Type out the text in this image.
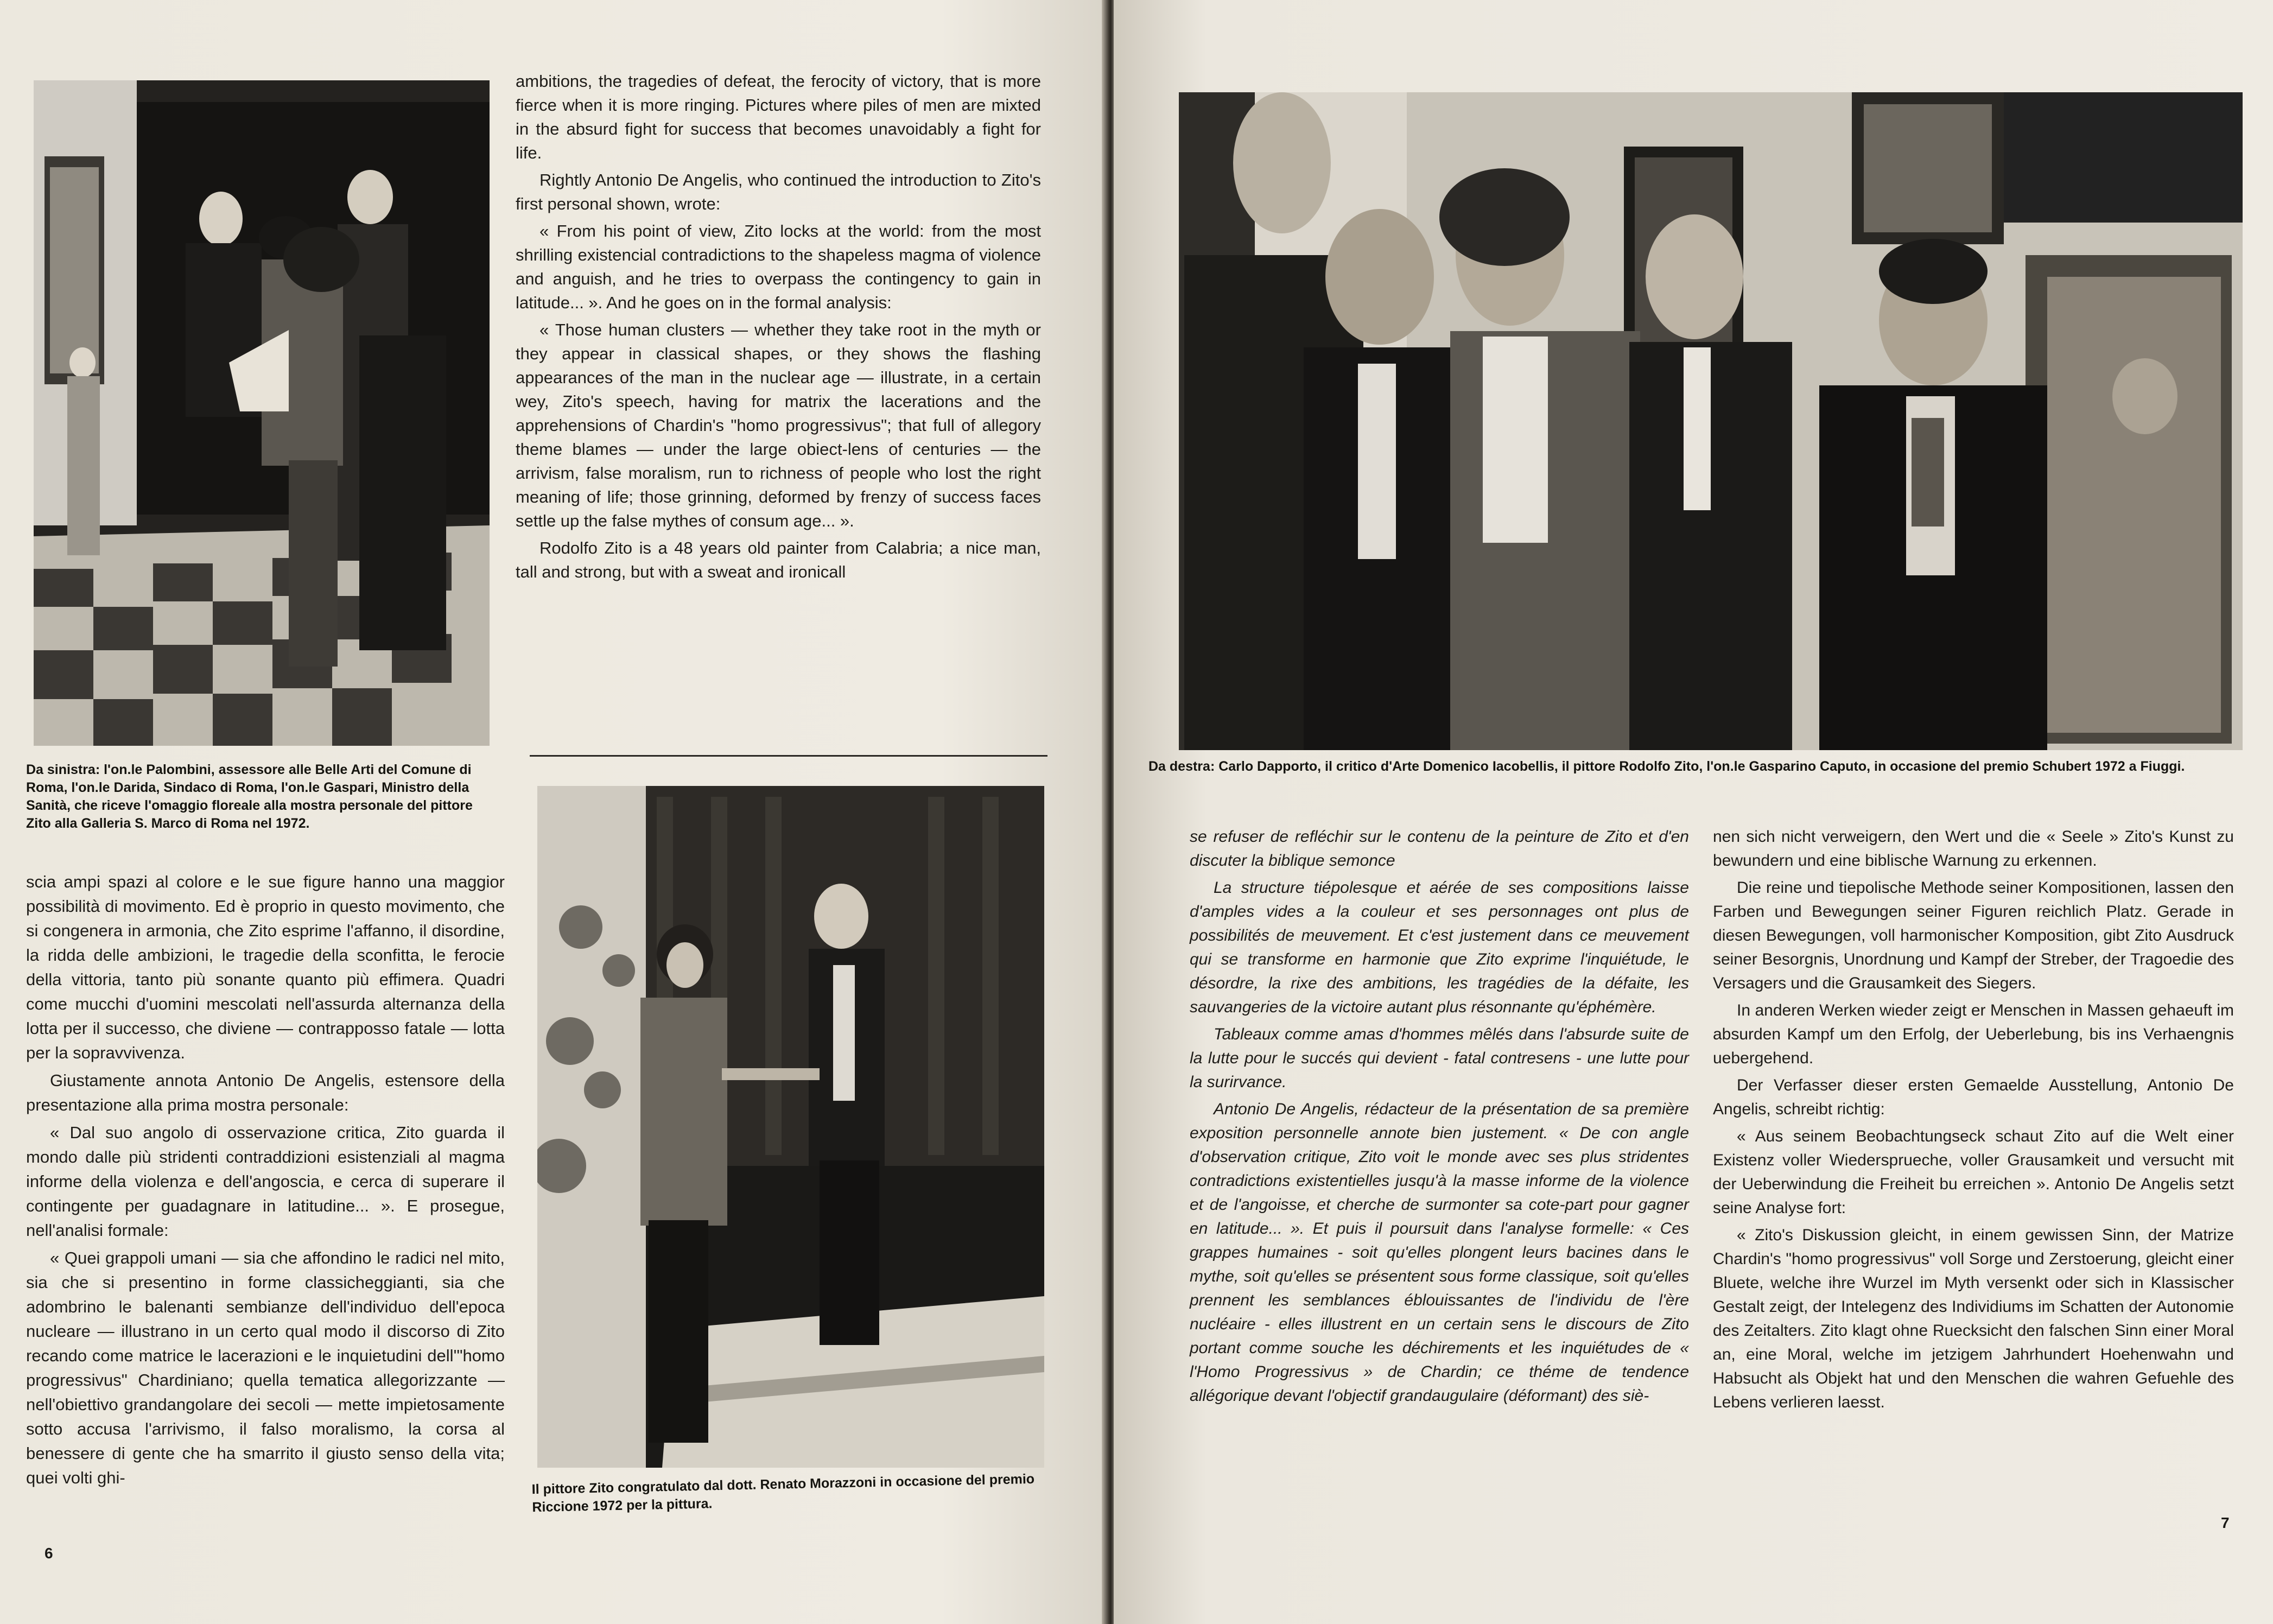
Da sinistra: l'on.le Palombini, assessore alle Belle Arti del Comune di Roma, l'on.le Darida, Sindaco di Roma, l'on.le Gaspari, Ministro della Sanità, che riceve l'omaggio floreale alla mostra personale del pittore Zito alla Galleria S. Marco di Roma nel 1972.

ambitions, the tragedies of defeat, the ferocity of victory, that is more fierce when it is more ringing. Pictures where piles of men are mixted in the absurd fight for success that becomes unavoidably a fight for life.

Rightly Antonio De Angelis, who continued the introduction to Zito's first personal shown, wrote:

« From his point of view, Zito locks at the world: from the most shrilling existencial contradictions to the shapeless magma of violence and anguish, and he tries to overpass the contingency to gain in latitude... ». And he goes on in the formal analysis:

« Those human clusters — whether they take root in the myth or they appear in classical shapes, or they shows the flashing appearances of the man in the nuclear age — illustrate, in a certain wey, Zito's speech, having for matrix the lacerations and the apprehensions of Chardin's "homo progressivus"; that full of allegory theme blames — under the large obiect-lens of centuries — the arrivism, false moralism, run to richness of people who lost the right meaning of life; those grinning, deformed by frenzy of success faces settle up the false mythes of consum age... ».

Rodolfo Zito is a 48 years old painter from Calabria; a nice man, tall and strong, but with a sweat and ironicall

scia ampi spazi al colore e le sue figure hanno una maggior possibilità di movimento. Ed è proprio in questo movimento, che si congenera in armonia, che Zito esprime l'affanno, il disordine, la ridda delle ambizioni, le tragedie della sconfitta, le ferocie della vittoria, tanto più sonante quanto più effimera. Quadri come mucchi d'uomini mescolati nell'assurda alternanza della lotta per il successo, che diviene — contrapposso fatale — lotta per la sopravvivenza.

Giustamente annota Antonio De Angelis, estensore della presentazione alla prima mostra personale:

« Dal suo angolo di osservazione critica, Zito guarda il mondo dalle più stridenti contraddizioni esistenziali al magma informe della violenza e dell'angoscia, e cerca di superare il contingente per guadagnare in latitudine... ». E prosegue, nell'analisi formale:

« Quei grappoli umani — sia che affondino le radici nel mito, sia che si presentino in forme classicheggianti, sia che adombrino le balenanti sembianze dell'individuo dell'epoca nucleare — illustrano in un certo qual modo il discorso di Zito recando come matrice le lacerazioni e le inquietudini dell'"homo progressivus" Chardiniano; quella tematica allegorizzante — nell'obiettivo grandangolare dei secoli — mette impietosamente sotto accusa l'arrivismo, il falso moralismo, la corsa al benessere di gente che ha smarrito il giusto senso della vita; quei volti ghi-	Il pittore Zito congratulato dal dott. Renato Morazzoni in occasione del premio Riccione 1972 per la pittura.
6
Da destra: Carlo Dapporto, il critico d'Arte Domenico Iacobellis, il pittore Rodolfo Zito, l'on.le Gasparino Caputo, in occasione del premio Schubert 1972 a Fiuggi.

se refuser de refléchir sur le contenu de la peinture de Zito et d'en discuter la biblique semonce

La structure tiépolesque et aérée de ses compositions laisse d'amples vides a la couleur et ses personnages ont plus de possibilités de meuvement. Et c'est justement dans ce meuvement qui se transforme en harmonie que Zito exprime l'inquiétude, le désordre, la rixe des ambitions, les tragédies de la défaite, les sauvangeries de la victoire autant plus résonnante qu'éphémère.

Tableaux comme amas d'hommes mêlés dans l'absurde suite de la lutte pour le succés qui devient - fatal contresens - une lutte pour la surirvance.

Antonio De Angelis, rédacteur de la présentation de sa première exposition personnelle annote bien justement. « De con angle d'observation critique, Zito voit le monde avec ses plus stridentes contradictions existentielles jusqu'à la masse informe de la violence et de l'angoisse, et cherche de surmonter sa cote-part pour gagner en latitude... ». Et puis il poursuit dans l'analyse formelle: « Ces grappes humaines - soit qu'elles plongent leurs bacines dans le mythe, soit qu'elles se présentent sous forme classique, soit qu'elles prennent les semblances éblouissantes de l'individu de l'ère nucléaire - elles illustrent en un certain sens le discours de Zito portant comme souche les déchirements et les inquiétudes de « l'Homo Progressivus » de Chardin; ce théme de tendence allégorique devant l'objectif grandaugulaire (déformant) des siè-

nen sich nicht verweigern, den Wert und die « Seele » Zito's Kunst zu bewundern und eine biblische Warnung zu erkennen.

Die reine und tiepolische Methode seiner Kompositionen, lassen den Farben und Bewegungen seiner Figuren reichlich Platz. Gerade in diesen Bewegungen, voll harmonischer Komposition, gibt Zito Ausdruck seiner Besorgnis, Unordnung und Kampf der Streber, der Tragoedie des Versagers und die Grausamkeit des Siegers.

In anderen Werken wieder zeigt er Menschen in Massen gehaeuft im absurden Kampf um den Erfolg, der Ueberlebung, bis ins Verhaengnis uebergehend.

Der Verfasser dieser ersten Gemaelde Ausstellung, Antonio De Angelis, schreibt richtig:

« Aus seinem Beobachtungseck schaut Zito auf die Welt einer Existenz voller Wiedersprueche, voller Grausamkeit und versucht mit der Ueberwindung die Freiheit bu erreichen ». Antonio De Angelis setzt seine Analyse fort:

« Zito's Diskussion gleicht, in einem gewissen Sinn, der Matrize Chardin's "homo progressivus" voll Sorge und Zerstoerung, gleicht einer Bluete, welche ihre Wurzel im Myth versenkt oder sich in Klassischer Gestalt zeigt, der Intelegenz des Individiums im Schatten der Autonomie des Zeitalters. Zito klagt ohne Ruecksicht den falschen Sinn einer Moral an, eine Moral, welche im jetzigem Jahrhundert Hoehenwahn und Habsucht als Objekt hat und den Menschen die wahren Gefuehle des Lebens verlieren laesst.

7
